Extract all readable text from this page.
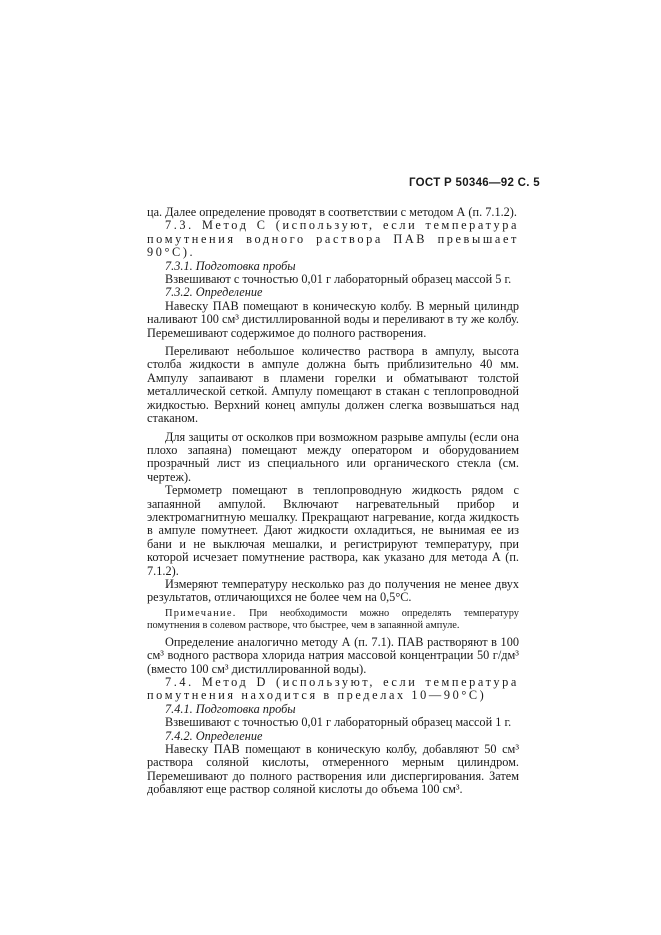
ГОСТ Р 50346—92 С. 5

ца. Далее определение проводят в соответствии с методом А (п. 7.1.2).

7.3. Метод С (используют, если температура помутнения водного раствора ПАВ превышает 90°С).

7.3.1. Подготовка пробы

Взвешивают с точностью 0,01 г лабораторный образец массой 5 г.

7.3.2. Определение

Навеску ПАВ помещают в коническую колбу. В мерный цилиндр наливают 100 см³ дистиллированной воды и переливают в ту же колбу. Перемешивают содержимое до полного растворения.

Переливают небольшое количество раствора в ампулу, высота столба жидкости в ампуле должна быть приблизительно 40 мм. Ампулу запаивают в пламени горелки и обматывают толстой металлической сеткой. Ампулу помещают в стакан с теплопроводной жидкостью. Верхний конец ампулы должен слегка возвышаться над стаканом.

Для защиты от осколков при возможном разрыве ампулы (если она плохо запаяна) помещают между оператором и оборудованием прозрачный лист из специального или органического стекла (см. чертеж).

Термометр помещают в теплопроводную жидкость рядом с запаянной ампулой. Включают нагревательный прибор и электромагнитную мешалку. Прекращают нагревание, когда жидкость в ампуле помутнеет. Дают жидкости охладиться, не вынимая ее из бани и не выключая мешалки, и регистрируют температуру, при которой исчезает помутнение раствора, как указано для метода А (п. 7.1.2).

Измеряют температуру несколько раз до получения не менее двух результатов, отличающихся не более чем на 0,5°С.

Примечание. При необходимости можно определять температуру помутнения в солевом растворе, что быстрее, чем в запаянной ампуле.

Определение аналогично методу А (п. 7.1). ПАВ растворяют в 100 см³ водного раствора хлорида натрия массовой концентрации 50 г/дм³ (вместо 100 см³ дистиллированной воды).

7.4. Метод D (используют, если температура помутнения находится в пределах 10—90°С)

7.4.1. Подготовка пробы

Взвешивают с точностью 0,01 г лабораторный образец массой 1 г.

7.4.2. Определение

Навеску ПАВ помещают в коническую колбу, добавляют 50 см³ раствора соляной кислоты, отмеренного мерным цилиндром. Перемешивают до полного растворения или диспергирования. Затем добавляют еще раствор соляной кислоты до объема 100 см³.
